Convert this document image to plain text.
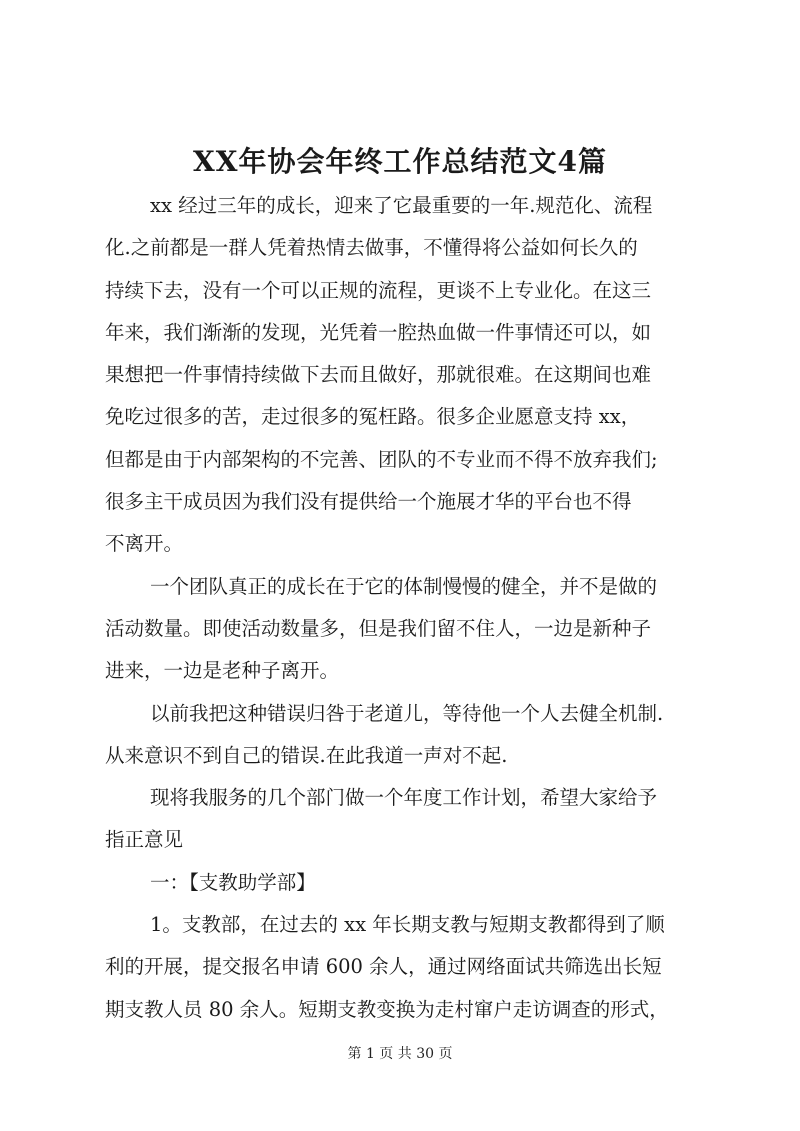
XX年协会年终工作总结范文4篇
xx 经过三年的成长，迎来了它最重要的一年.规范化、流程
化.之前都是一群人凭着热情去做事，不懂得将公益如何长久的
持续下去，没有一个可以正规的流程，更谈不上专业化。在这三
年来，我们渐渐的发现，光凭着一腔热血做一件事情还可以，如
果想把一件事情持续做下去而且做好，那就很难。在这期间也难
免吃过很多的苦，走过很多的冤枉路。很多企业愿意支持 xx，
但都是由于内部架构的不完善、团队的不专业而不得不放弃我们;
很多主干成员因为我们没有提供给一个施展才华的平台也不得
不离开。
一个团队真正的成长在于它的体制慢慢的健全，并不是做的
活动数量。即使活动数量多，但是我们留不住人，一边是新种子
进来，一边是老种子离开。
以前我把这种错误归咎于老道儿，等待他一个人去健全机制.
从来意识不到自己的错误.在此我道一声对不起.
现将我服务的几个部门做一个年度工作计划，希望大家给予
指正意见
一：【支教助学部】
1。支教部，在过去的 xx 年长期支教与短期支教都得到了顺
利的开展，提交报名申请 600 余人，通过网络面试共筛选出长短
期支教人员 80 余人。短期支教变换为走村窜户走访调查的形式，
第 1 页 共 30 页
